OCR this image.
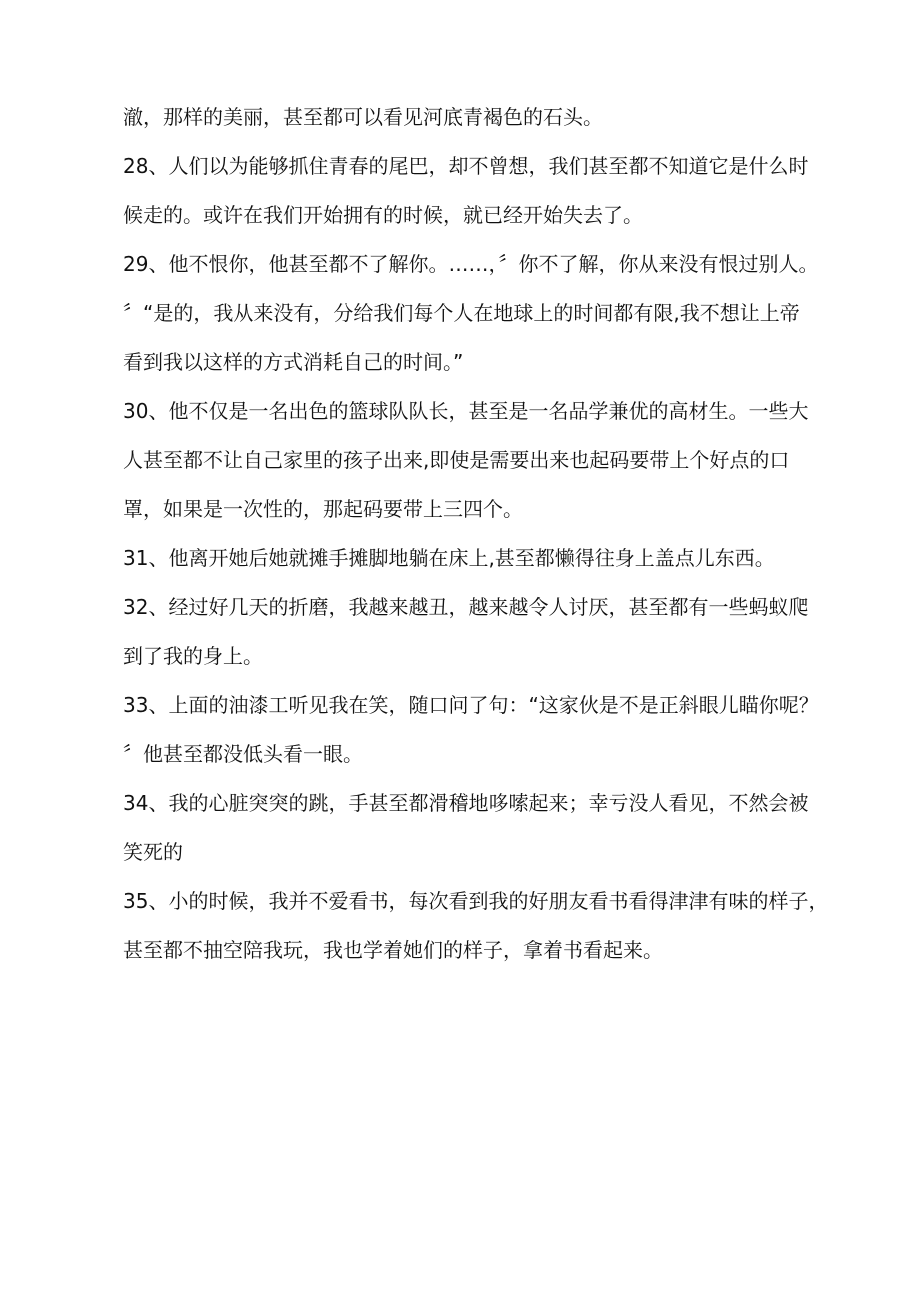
澈，那样的美丽，甚至都可以看见河底青褐色的石头。

28、人们以为能够抓住青春的尾巴，却不曾想，我们甚至都不知道它是什么时
候走的。或许在我们开始拥有的时候，就已经开始失去了。

29、他不恨你，他甚至都不了解你。……，〞你不了解，你从来没有恨过别人。
〞“是的，我从来没有，分给我们每个人在地球上的时间都有限,我不想让上帝
看到我以这样的方式消耗自己的时间。”

30、他不仅是一名出色的篮球队队长，甚至是一名品学兼优的高材生。一些大
人甚至都不让自己家里的孩子出来,即使是需要出来也起码要带上个好点的口
罩，如果是一次性的，那起码要带上三四个。

31、他离开她后她就摊手摊脚地躺在床上,甚至都懒得往身上盖点儿东西。

32、经过好几天的折磨，我越来越丑，越来越令人讨厌，甚至都有一些蚂蚁爬
到了我的身上。

33、上面的油漆工听见我在笑，随口问了句：“这家伙是不是正斜眼儿瞄你呢？
〞他甚至都没低头看一眼。

34、我的心脏突突的跳，手甚至都滑稽地哆嗦起来；幸亏没人看见，不然会被
笑死的

35、小的时候，我并不爱看书，每次看到我的好朋友看书看得津津有味的样子，
甚至都不抽空陪我玩，我也学着她们的样子，拿着书看起来。
